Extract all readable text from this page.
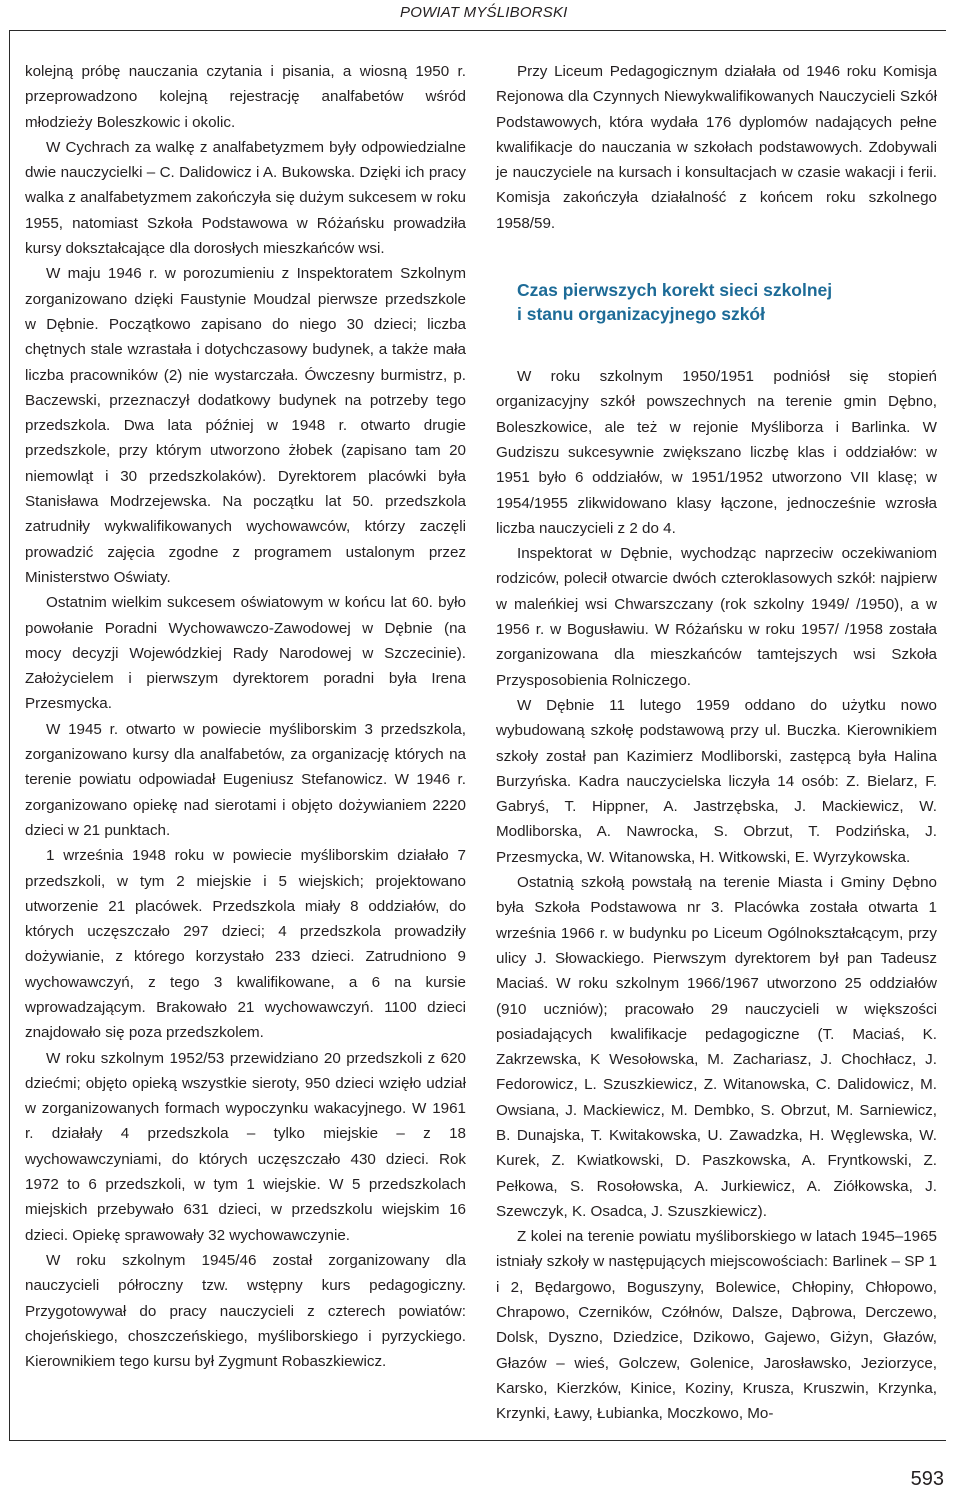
POWIAT MYŚLIBORSKI

kolejną próbę nauczania czytania i pisania, a wiosną 1950 r. przeprowadzono kolejną rejestrację analfabetów wśród młodzieży Boleszkowic i okolic.

W Cychrach za walkę z analfabetyzmem były odpowiedzialne dwie nauczycielki – C. Dalidowicz i A. Bukowska. Dzięki ich pracy walka z analfabetyzmem zakończyła się dużym sukcesem w roku 1955, natomiast Szkoła Podstawowa w Różańsku prowadziła kursy dokształcające dla dorosłych mieszkańców wsi.

W maju 1946 r. w porozumieniu z Inspektoratem Szkolnym zorganizowano dzięki Faustynie Moudzal pierwsze przedszkole w Dębnie. Początkowo zapisano do niego 30 dzieci; liczba chętnych stale wzrastała i dotychczasowy budynek, a także mała liczba pracowników (2) nie wystarczała. Ówczesny burmistrz, p. Baczewski, przeznaczył dodatkowy budynek na potrzeby tego przedszkola. Dwa lata później w 1948 r. otwarto drugie przedszkole, przy którym utworzono żłobek (zapisano tam 20 niemowląt i 30 przedszkolaków). Dyrektorem placówki była Stanisława Modrzejewska. Na początku lat 50. przedszkola zatrudniły wykwalifikowanych wychowawców, którzy zaczęli prowadzić zajęcia zgodne z programem ustalonym przez Ministerstwo Oświaty.

Ostatnim wielkim sukcesem oświatowym w końcu lat 60. było powołanie Poradni Wychowawczo-Zawodowej w Dębnie (na mocy decyzji Wojewódzkiej Rady Narodowej w Szczecinie). Założycielem i pierwszym dyrektorem poradni była Irena Przesmycka.

W 1945 r. otwarto w powiecie myśliborskim 3 przedszkola, zorganizowano kursy dla analfabetów, za organizację których na terenie powiatu odpowiadał Eugeniusz Stefanowicz. W 1946 r. zorganizowano opiekę nad sierotami i objęto dożywianiem 2220 dzieci w 21 punktach.

1 września 1948 roku w powiecie myśliborskim działało 7 przedszkoli, w tym 2 miejskie i 5 wiejskich; projektowano utworzenie 21 placówek. Przedszkola miały 8 oddziałów, do których uczęszczało 297 dzieci; 4 przedszkola prowadziły dożywianie, z którego korzystało 233 dzieci. Zatrudniono 9 wychowawczyń, z tego 3 kwalifikowane, a 6 na kursie wprowadzającym. Brakowało 21 wychowawczyń. 1100 dzieci znajdowało się poza przedszkolem.

W roku szkolnym 1952/53 przewidziano 20 przedszkoli z 620 dziećmi; objęto opieką wszystkie sieroty, 950 dzieci wzięło udział w zorganizowanych formach wypoczynku wakacyjnego. W 1961 r. działały 4 przedszkola – tylko miejskie – z 18 wychowawczyniami, do których uczęszczało 430 dzieci. Rok 1972 to 6 przedszkoli, w tym 1 wiejskie. W 5 przedszkolach miejskich przebywało 631 dzieci, w przedszkolu wiejskim 16 dzieci. Opiekę sprawowały 32 wychowawczynie.

W roku szkolnym 1945/46 został zorganizowany dla nauczycieli półroczny tzw. wstępny kurs pedagogiczny. Przygotowywał do pracy nauczycieli z czterech powiatów: chojeńskiego, choszczeńskiego, myśliborskiego i pyrzyckiego. Kierownikiem tego kursu był Zygmunt Robaszkiewicz.

Przy Liceum Pedagogicznym działała od 1946 roku Komisja Rejonowa dla Czynnych Niewykwalifikowanych Nauczycieli Szkół Podstawowych, która wydała 176 dyplomów nadających pełne kwalifikacje do nauczania w szkołach podstawowych. Zdobywali je nauczyciele na kursach i konsultacjach w czasie wakacji i ferii. Komisja zakończyła działalność z końcem roku szkolnego 1958/59.

Czas pierwszych korekt sieci szkolnej
i stanu organizacyjnego szkół

W roku szkolnym 1950/1951 podniósł się stopień organizacyjny szkół powszechnych na terenie gmin Dębno, Boleszkowice, ale też w rejonie Myśliborza i Barlinka. W Gudziszu sukcesywnie zwiększano liczbę klas i oddziałów: w 1951 było 6 oddziałów, w 1951/1952 utworzono VII klasę; w 1954/1955 zlikwidowano klasy łączone, jednocześnie wzrosła liczba nauczycieli z 2 do 4.

Inspektorat w Dębnie, wychodząc naprzeciw oczekiwaniom rodziców, polecił otwarcie dwóch czteroklasowych szkół: najpierw w maleńkiej wsi Chwarszczany (rok szkolny 1949/ /1950), a w 1956 r. w Bogusławiu. W Różańsku w roku 1957/ /1958 została zorganizowana dla mieszkańców tamtejszych wsi Szkoła Przysposobienia Rolniczego.

W Dębnie 11 lutego 1959 oddano do użytku nowo wybudowaną szkołę podstawową przy ul. Buczka. Kierownikiem szkoły został pan Kazimierz Modliborski, zastępcą była Halina Burzyńska. Kadra nauczycielska liczyła 14 osób: Z. Bielarz, F. Gabryś, T. Hippner, A. Jastrzębska, J. Mackiewicz, W. Modliborska, A. Nawrocka, S. Obrzut, T. Podzińska, J. Przesmycka, W. Witanowska, H. Witkowski, E. Wyrzykowska.

Ostatnią szkołą powstałą na terenie Miasta i Gminy Dębno była Szkoła Podstawowa nr 3. Placówka została otwarta 1 września 1966 r. w budynku po Liceum Ogólnokształcącym, przy ulicy J. Słowackiego. Pierwszym dyrektorem był pan Tadeusz Maciaś. W roku szkolnym 1966/1967 utworzono 25 oddziałów (910 uczniów); pracowało 29 nauczycieli w większości posiadających kwalifikacje pedagogiczne (T. Maciaś, K. Zakrzewska, K Wesołowska, M. Zachariasz, J. Chochłacz, J. Fedorowicz, L. Szuszkiewicz, Z. Witanowska, C. Dalidowicz, M. Owsiana, J. Mackiewicz, M. Dembko, S. Obrzut, M. Sarniewicz, B. Dunajska, T. Kwitakowska, U. Zawadzka, H. Węglewska, W. Kurek, Z. Kwiatkowski, D. Paszkowska, A. Fryntkowski, Z. Pełkowa, S. Rosołowska, A. Jurkiewicz, A. Ziółkowska, J. Szewczyk, K. Osadca, J. Szuszkiewicz).

Z kolei na terenie powiatu myśliborskiego w latach 1945–1965 istniały szkoły w następujących miejscowościach: Barlinek – SP 1 i 2, Będargowo, Boguszyny, Bolewice, Chłopiny, Chłopowo, Chrapowo, Czerników, Czółnów, Dalsze, Dąbrowa, Derczewo, Dolsk, Dyszno, Dziedzice, Dzikowo, Gajewo, Giżyn, Głazów, Głazów – wieś, Golczew, Golenice, Jarosławsko, Jeziorzyce, Karsko, Kierzków, Kinice, Koziny, Krusza, Kruszwin, Krzynka, Krzynki, Ławy, Łubianka, Moczkowo, Mo-

593
